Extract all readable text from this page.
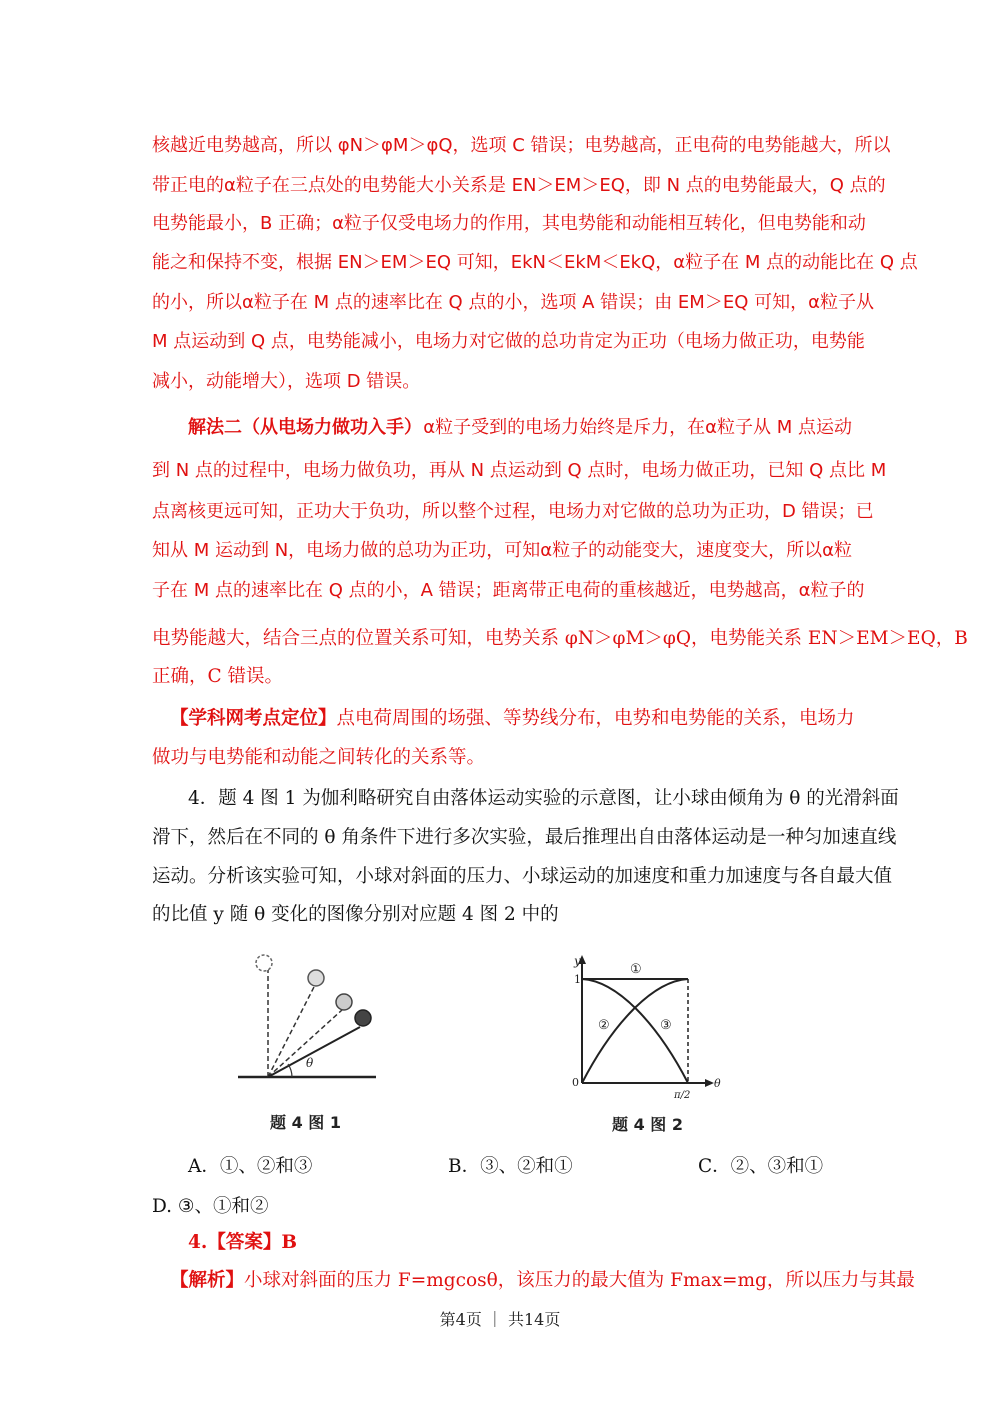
核越近电势越高，所以 φN＞φM＞φQ，选项 C 错误；电势越高，正电荷的电势能越大，所以
带正电的α粒子在三点处的电势能大小关系是 EN＞EM＞EQ，即 N 点的电势能最大，Q 点的
电势能最小，B 正确；α粒子仅受电场力的作用，其电势能和动能相互转化，但电势能和动
能之和保持不变，根据 EN＞EM＞EQ 可知，EkN＜EkM＜EkQ，α粒子在 M 点的动能比在 Q 点
的小，所以α粒子在 M 点的速率比在 Q 点的小，选项 A 错误；由 EM＞EQ 可知，α粒子从
M 点运动到 Q 点，电势能减小，电场力对它做的总功肯定为正功（电场力做正功，电势能
减小，动能增大），选项 D 错误。
解法二（从电场力做功入手） α粒子受到的电场力始终是斥力，在α粒子从 M 点运动
到 N 点的过程中，电场力做负功，再从 N 点运动到 Q 点时，电场力做正功，已知 Q 点比 M
点离核更远可知，正功大于负功，所以整个过程，电场力对它做的总功为正功，D 错误；已
知从 M 运动到 N，电场力做的总功为正功，可知α粒子的动能变大，速度变大，所以α粒
子在 M 点的速率比在 Q 点的小，A 错误；距离带正电荷的重核越近，电势越高，α粒子的
电势能越大，结合三点的位置关系可知，电势关系 φN＞φM＞φQ，电势能关系 EN＞EM＞EQ，B
正确，C 错误。
【学科网考点定位】 点电荷周围的场强、等势线分布，电势和电势能的关系，电场力
做功与电势能和动能之间转化的关系等。
4．题 4 图 1 为伽利略研究自由落体运动实验的示意图，让小球由倾角为 θ 的光滑斜面
滑下，然后在不同的 θ 角条件下进行多次实验，最后推理出自由落体运动是一种匀加速直线
运动。分析该实验可知，小球对斜面的压力、小球运动的加速度和重力加速度与各自最大值
的比值 y 随 θ 变化的图像分别对应题 4 图 2 中的
θ
题 4 图 1
y
1
0
π/2
θ
①
②	③
题 4 图 2
A．①、②和③	B．③、②和①	C．②、③和①
D. ③、①和②
4.【答案】B
【解析】 小球对斜面的压力 F=mgcosθ，该压力的最大值为 Fmax=mg，所以压力与其最
第4页 ｜ 共14页
